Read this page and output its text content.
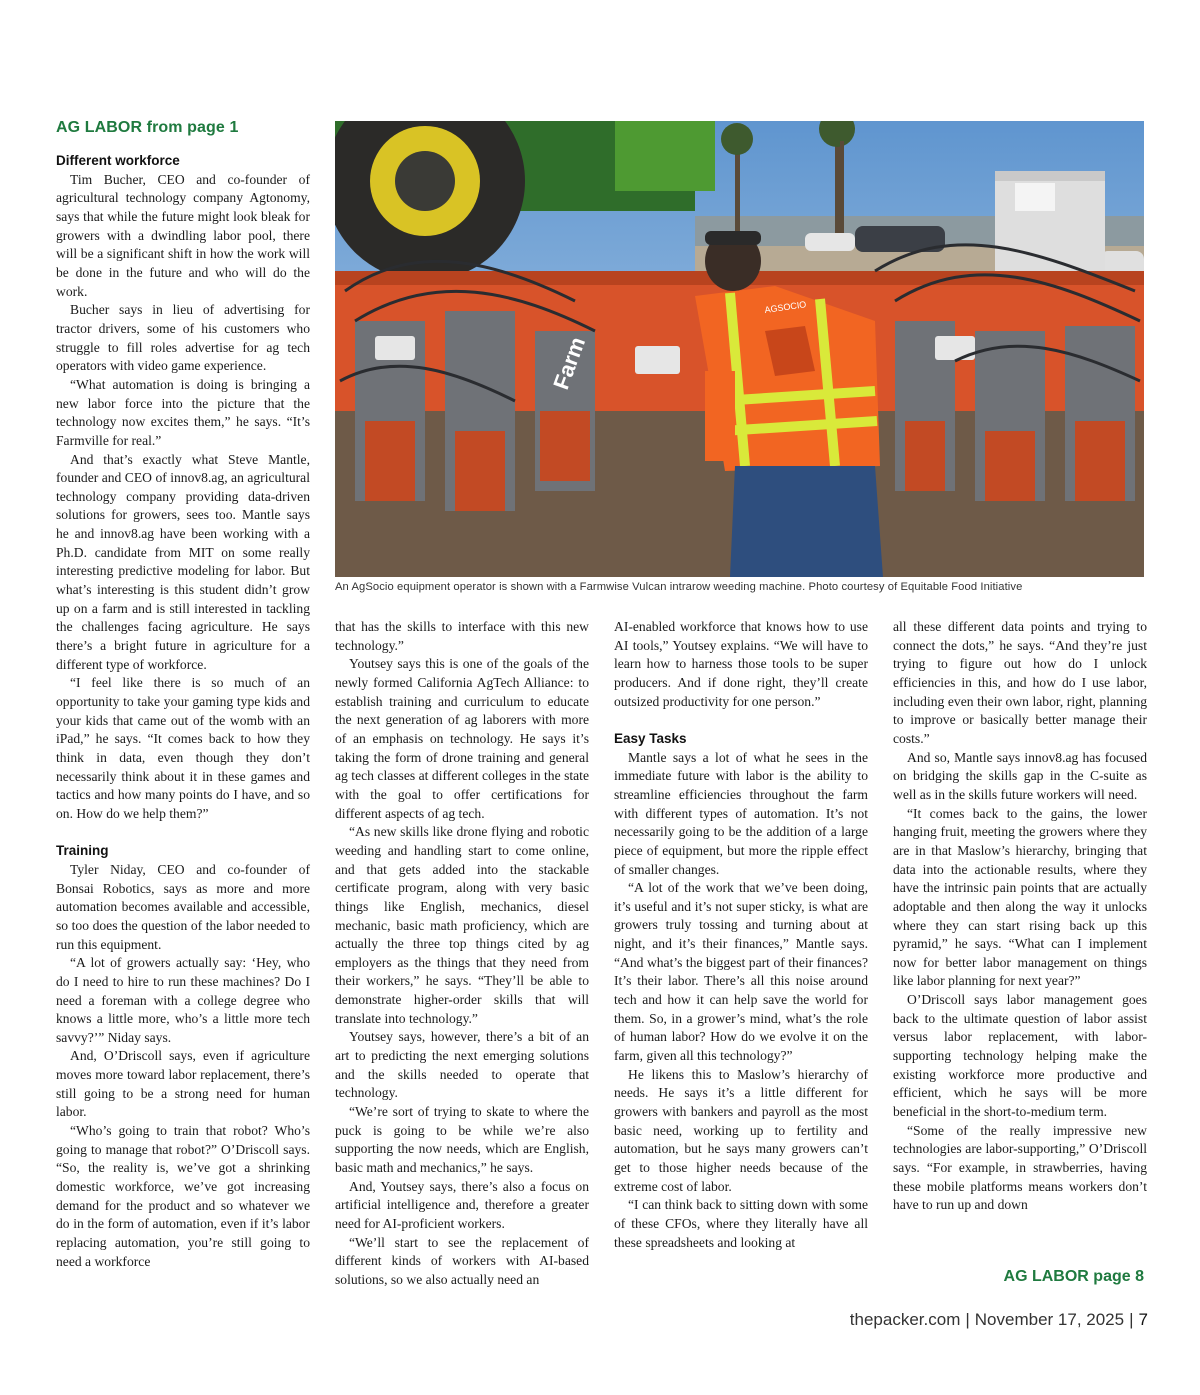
AG LABOR from page 1
Different workforce

Tim Bucher, CEO and co-founder of agricultural technology company Agtonomy, says that while the future might look bleak for growers with a dwindling labor pool, there will be a significant shift in how the work will be done in the future and who will do the work.

Bucher says in lieu of advertising for tractor drivers, some of his customers who struggle to fill roles advertise for ag tech operators with video game experience.

“What automation is doing is bringing a new labor force into the picture that the technology now excites them,” he says. “It’s Farmville for real.”

And that’s exactly what Steve Mantle, founder and CEO of innov8.ag, an agricultural technology company providing data-driven solutions for growers, sees too. Mantle says he and innov8.ag have been working with a Ph.D. candidate from MIT on some really interesting predictive modeling for labor. But what’s interesting is this student didn’t grow up on a farm and is still interested in tackling the challenges facing agriculture. He says there’s a bright future in agriculture for a different type of workforce.

“I feel like there is so much of an opportunity to take your gaming type kids and your kids that came out of the womb with an iPad,” he says. “It comes back to how they think in data, even though they don’t necessarily think about it in these games and tactics and how many points do I have, and so on. How do we help them?”

Training

Tyler Niday, CEO and co-founder of Bonsai Robotics, says as more and more automation becomes available and accessible, so too does the question of the labor needed to run this equipment.

“A lot of growers actually say: ‘Hey, who do I need to hire to run these machines? Do I need a foreman with a college degree who knows a little more, who’s a little more tech savvy?’” Niday says.

And, O’Driscoll says, even if agriculture moves more toward labor replacement, there’s still going to be a strong need for human labor.

“Who’s going to train that robot? Who’s going to manage that robot?” O’Driscoll says. “So, the reality is, we’ve got a shrinking domestic workforce, we’ve got increasing demand for the product and so whatever we do in the form of automation, even if it’s labor replacing automation, you’re still going to need a workforce

Farm
AGSOCIO
An AgSocio equipment operator is shown with a Farmwise Vulcan intrarow weeding machine. Photo courtesy of Equitable Food Initiative

that has the skills to interface with this new technology.”

Youtsey says this is one of the goals of the newly formed California AgTech Alliance: to establish training and curriculum to educate the next generation of ag laborers with more of an emphasis on technology. He says it’s taking the form of drone training and general ag tech classes at different colleges in the state with the goal to offer certifications for different aspects of ag tech.

“As new skills like drone flying and robotic weeding and handling start to come online, and that gets added into the stackable certificate program, along with very basic things like English, mechanics, diesel mechanic, basic math proficiency, which are actually the three top things cited by ag employers as the things that they need from their workers,” he says. “They’ll be able to demonstrate higher-order skills that will translate into technology.”

Youtsey says, however, there’s a bit of an art to predicting the next emerging solutions and the skills needed to operate that technology.

“We’re sort of trying to skate to where the puck is going to be while we’re also supporting the now needs, which are English, basic math and mechanics,” he says.

And, Youtsey says, there’s also a focus on artificial intelligence and, therefore a greater need for AI-proficient workers.

“We’ll start to see the replacement of different kinds of workers with AI-based solutions, so we also actually need an

AI-enabled workforce that knows how to use AI tools,” Youtsey explains. “We will have to learn how to harness those tools to be super producers. And if done right, they’ll create outsized productivity for one person.”

Easy Tasks

Mantle says a lot of what he sees in the immediate future with labor is the ability to streamline efficiencies throughout the farm with different types of automation. It’s not necessarily going to be the addition of a large piece of equipment, but more the ripple effect of smaller changes.

“A lot of the work that we’ve been doing, it’s useful and it’s not super sticky, is what are growers truly tossing and turning about at night, and it’s their finances,” Mantle says. “And what’s the biggest part of their finances? It’s their labor. There’s all this noise around tech and how it can help save the world for them. So, in a grower’s mind, what’s the role of human labor? How do we evolve it on the farm, given all this technology?”

He likens this to Maslow’s hierarchy of needs. He says it’s a little different for growers with bankers and payroll as the most basic need, working up to fertility and automation, but he says many growers can’t get to those higher needs because of the extreme cost of labor.

“I can think back to sitting down with some of these CFOs, where they literally have all these spreadsheets and looking at

all these different data points and trying to connect the dots,” he says. “And they’re just trying to figure out how do I unlock efficiencies in this, and how do I use labor, including even their own labor, right, planning to improve or basically better manage their costs.”

And so, Mantle says innov8.ag has focused on bridging the skills gap in the C-suite as well as in the skills future workers will need.

“It comes back to the gains, the lower hanging fruit, meeting the growers where they are in that Maslow’s hierarchy, bringing that data into the actionable results, where they have the intrinsic pain points that are actually adoptable and then along the way it unlocks where they can start rising back up this pyramid,” he says. “What can I implement now for better labor management on things like labor planning for next year?”

O’Driscoll says labor management goes back to the ultimate question of labor assist versus labor replacement, with labor-supporting technology helping make the existing workforce more productive and efficient, which he says will be more beneficial in the short-to-medium term.

“Some of the really impressive new technologies are labor-supporting,” O’Driscoll says. “For example, in strawberries, having these mobile platforms means workers don’t have to run up and down

AG LABOR page 8
thepacker.com | November 17, 2025 | 7
